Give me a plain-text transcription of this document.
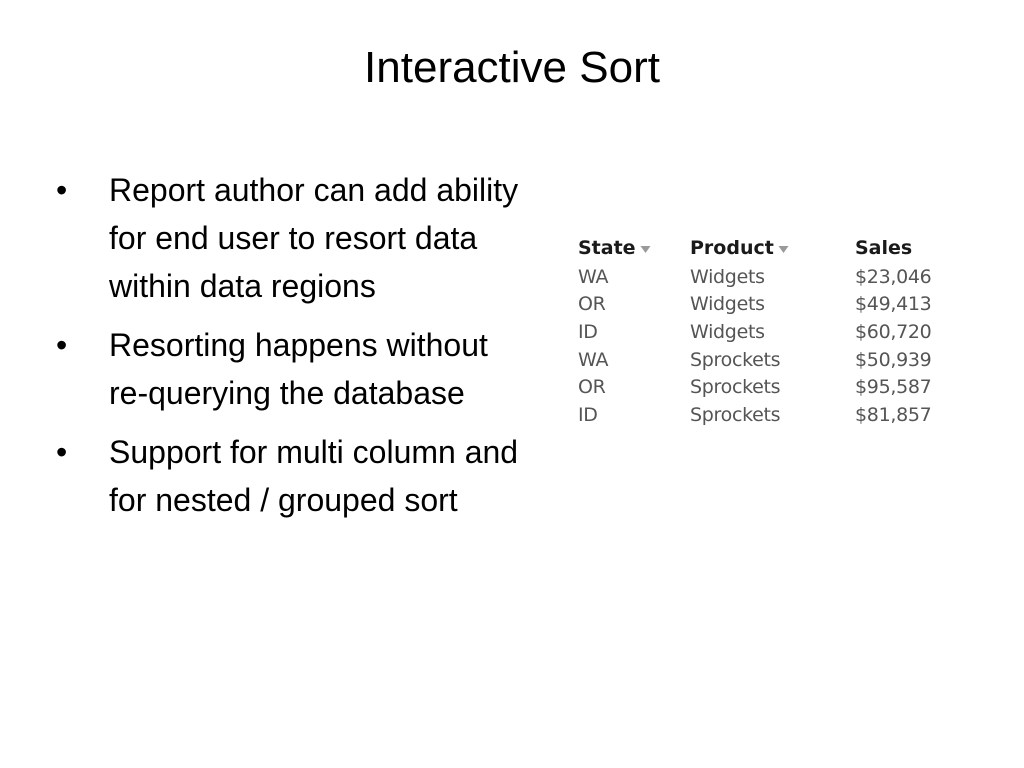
Interactive Sort
•	Report author can add ability for end user to resort data within data regions
•	Resorting happens without re-querying the database
•	Support for multi column and for nested / grouped sort
State	Product	Sales
WA	Widgets	$23,046
OR	Widgets	$49,413
ID	Widgets	$60,720
WA	Sprockets	$50,939
OR	Sprockets	$95,587
ID	Sprockets	$81,857
